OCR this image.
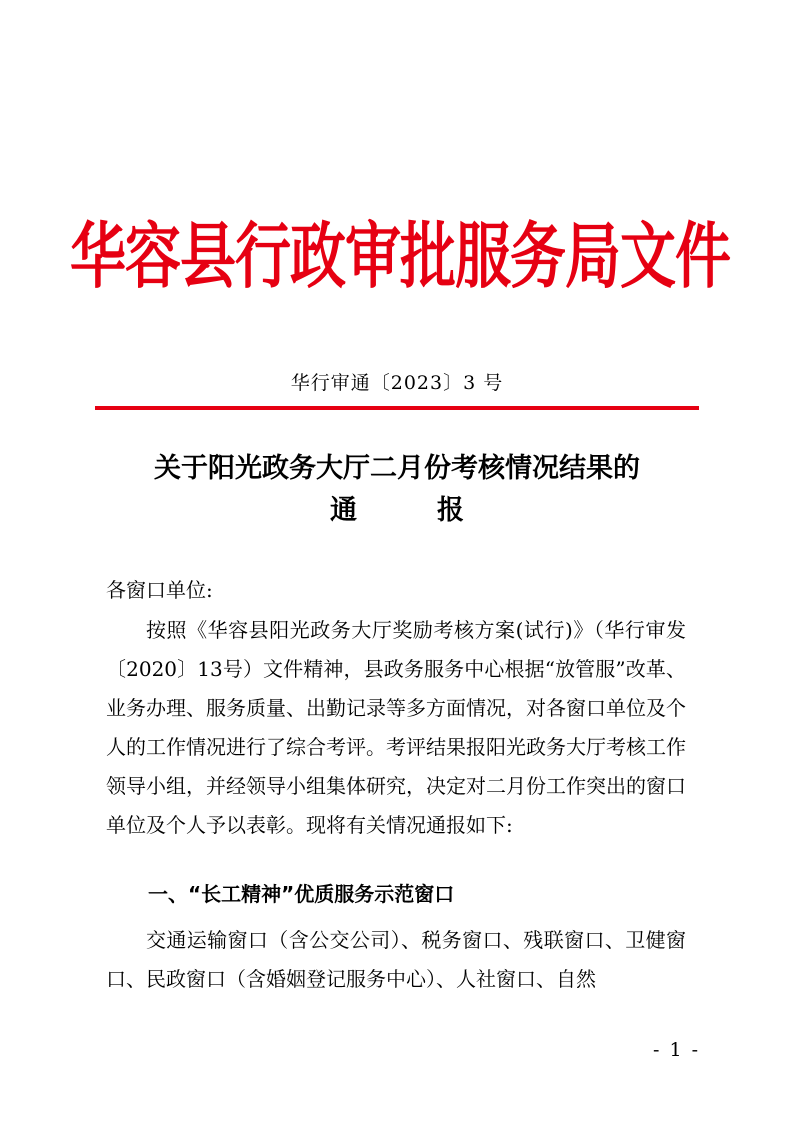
华容县行政审批服务局文件
华行审通〔2023〕3 号
关于阳光政务大厅二月份考核情况结果的
通	报
各窗口单位:
按照《华容县阳光政务大厅奖励考核方案(试行)》（华行审发〔2020〕13号）文件精神，县政务服务中心根据“放管服”改革、业务办理、服务质量、出勤记录等多方面情况，对各窗口单位及个人的工作情况进行了综合考评。考评结果报阳光政务大厅考核工作领导小组，并经领导小组集体研究，决定对二月份工作突出的窗口单位及个人予以表彰。现将有关情况通报如下:
一、“长工精神”优质服务示范窗口
交通运输窗口（含公交公司）、税务窗口、残联窗口、卫健窗口、民政窗口（含婚姻登记服务中心）、人社窗口、自然
- 1 -
